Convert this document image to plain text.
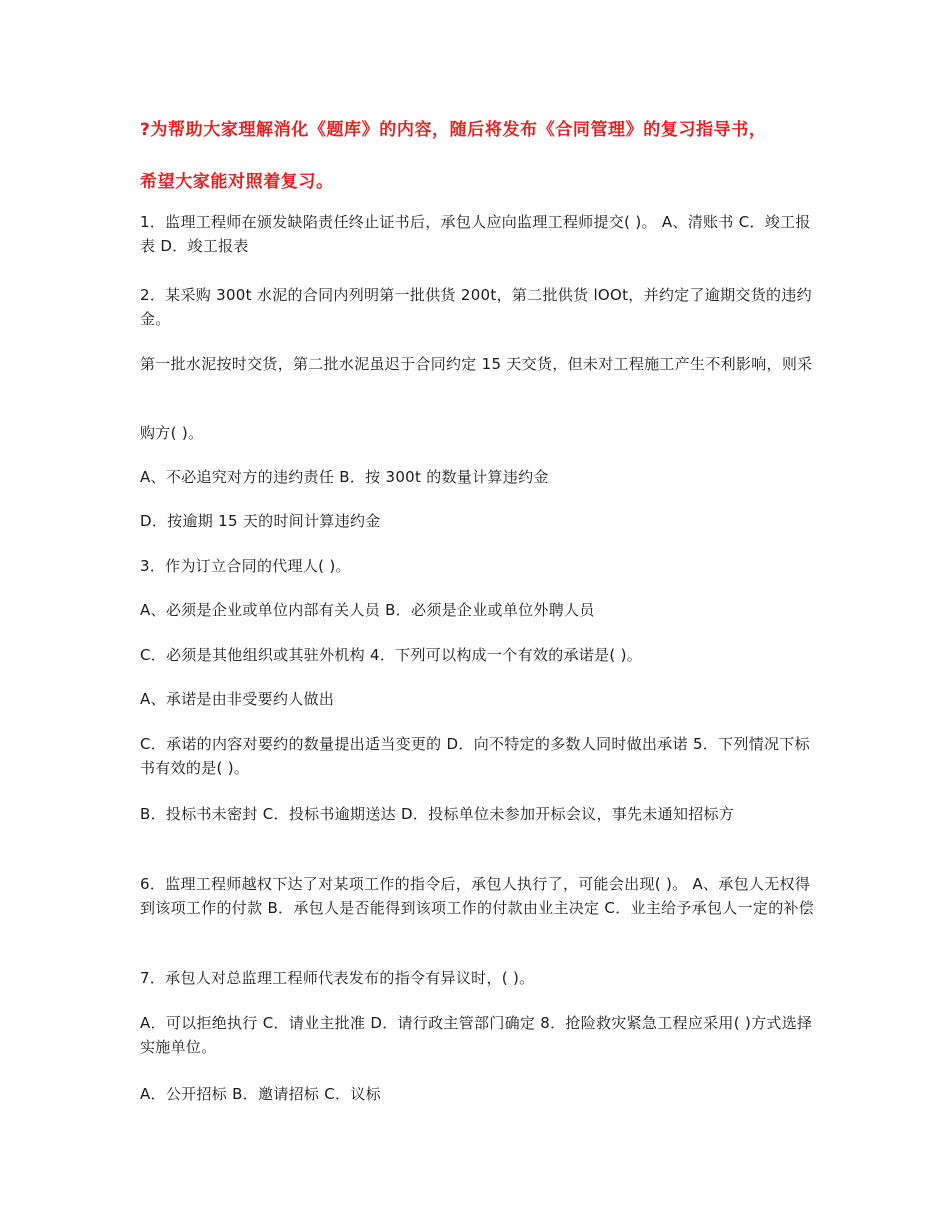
?为帮助大家理解消化《题库》的内容，随后将发布《合同管理》的复习指导书，

希望大家能对照着复习。

1．监理工程师在颁发缺陷责任终止证书后，承包人应向监理工程师提交( )。 A、清账书 C．竣工报表 D．竣工报表

2．某采购 300t 水泥的合同内列明第一批供货 200t，第二批供货 lOOt，并约定了逾期交货的违约金。

第一批水泥按时交货，第二批水泥虽迟于合同约定 15 天交货，但未对工程施工产生不利影响，则采

购方( )。

A、不必追究对方的违约责任 B．按 300t 的数量计算违约金

D．按逾期 15 天的时间计算违约金

3．作为订立合同的代理人( )。

A、必须是企业或单位内部有关人员 B．必须是企业或单位外聘人员

C．必须是其他组织或其驻外机构 4．下列可以构成一个有效的承诺是( )。

A、承诺是由非受要约人做出

C．承诺的内容对要约的数量提出适当变更的 D．向不特定的多数人同时做出承诺 5．下列情况下标书有效的是( )。

B．投标书未密封 C．投标书逾期送达 D．投标单位未参加开标会议，事先未通知招标方

6．监理工程师越权下达了对某项工作的指令后，承包人执行了，可能会出现( )。 A、承包人无权得到该项工作的付款 B．承包人是否能得到该项工作的付款由业主决定 C．业主给予承包人一定的补偿

7．承包人对总监理工程师代表发布的指令有异议时，( )。

A．可以拒绝执行 C．请业主批准 D．请行政主管部门确定 8．抢险救灾紧急工程应采用( )方式选择实施单位。

A．公开招标 B．邀请招标 C．议标
